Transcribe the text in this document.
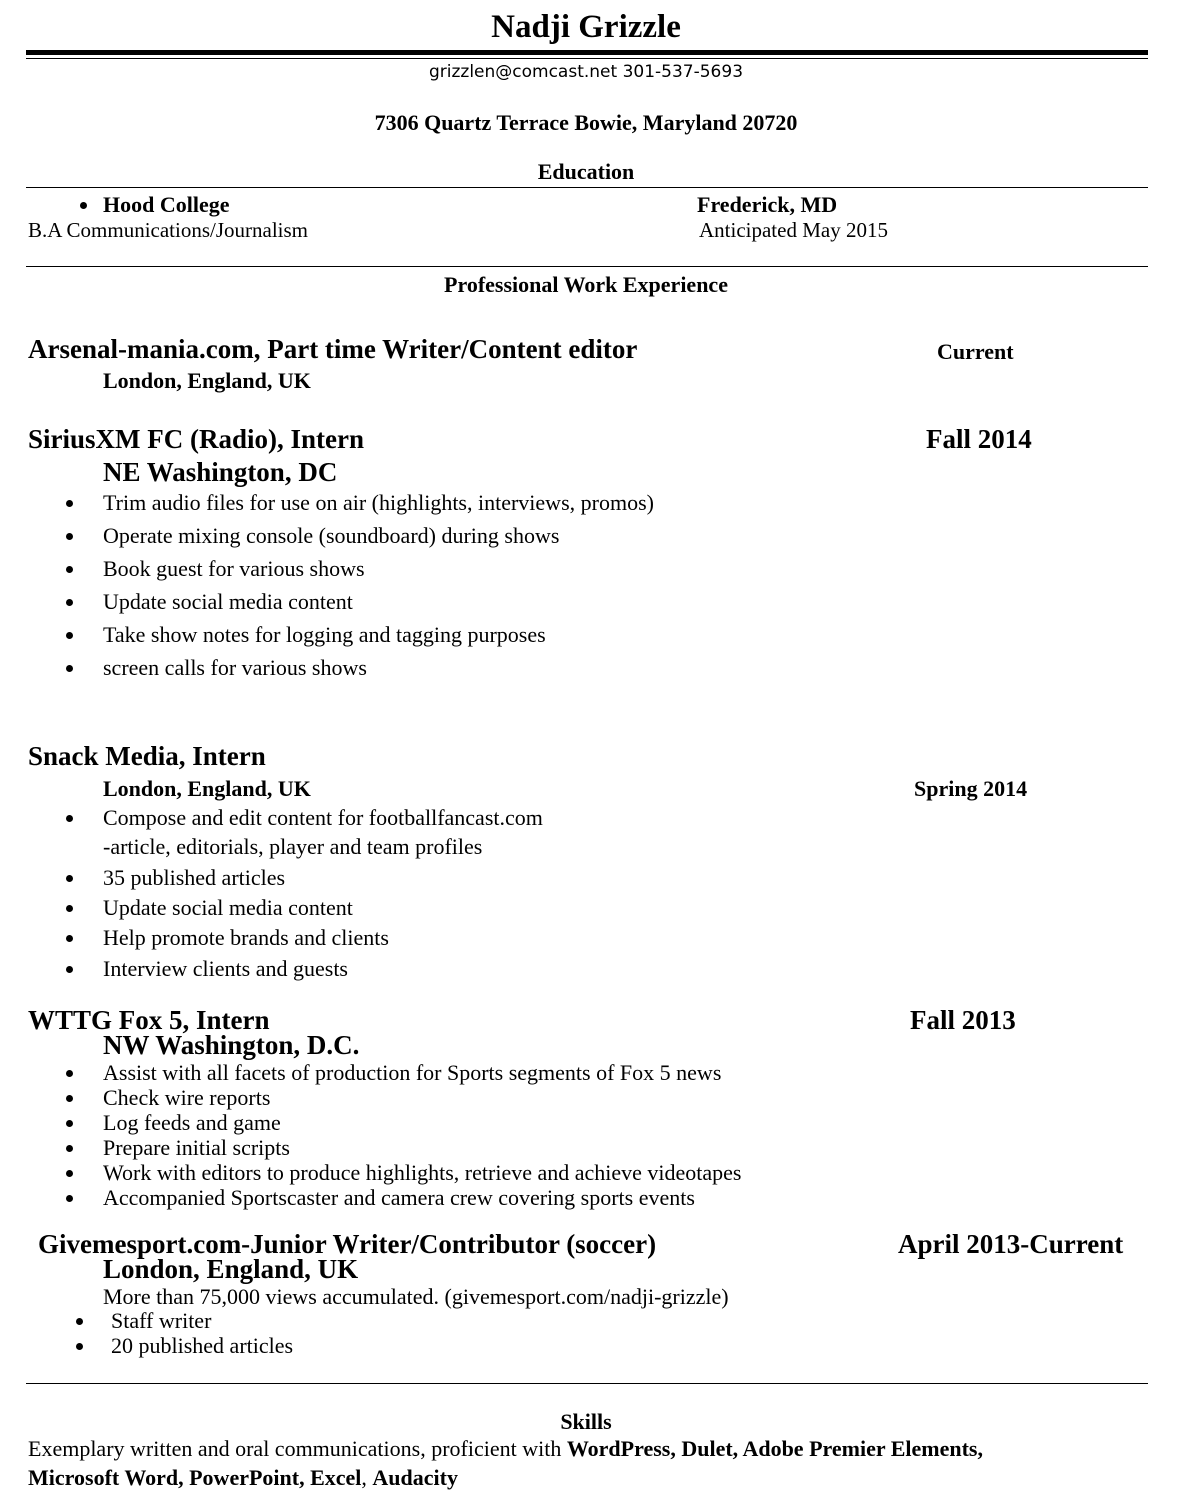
Nadji Grizzle
grizzlen@comcast.net 301-537-5693
7306 Quartz Terrace Bowie, Maryland 20720
Education
Hood College	Frederick, MD
B.A Communications/Journalism	Anticipated May 2015
Professional Work Experience
Arsenal-mania.com, Part time Writer/Content editor	Current
London, England, UK
SiriusXM FC (Radio), Intern	Fall 2014
NE Washington, DC
Trim audio files for use on air (highlights, interviews, promos)
Operate mixing console (soundboard) during shows
Book guest for various shows
Update social media content
Take show notes for logging and tagging purposes
screen calls for various shows
Snack Media, Intern
London, England, UK	Spring 2014
Compose and edit content for footballfancast.com
-article, editorials, player and team profiles
35 published articles
Update social media content
Help promote brands and clients
Interview clients and guests
WTTG Fox 5, Intern	Fall 2013
NW Washington, D.C.
Assist with all facets of production for Sports segments of Fox 5 news
Check wire reports
Log feeds and game
Prepare initial scripts
Work with editors to produce highlights, retrieve and achieve videotapes
Accompanied Sportscaster and camera crew covering sports events
Givemesport.com-Junior Writer/Contributor (soccer)	April 2013-Current
London, England, UK
More than 75,000 views accumulated. (givemesport.com/nadji-grizzle)
Staff writer
20 published articles
Skills
Exemplary written and oral communications, proficient with WordPress, Dulet, Adobe Premier Elements,
Microsoft Word, PowerPoint, Excel, Audacity
